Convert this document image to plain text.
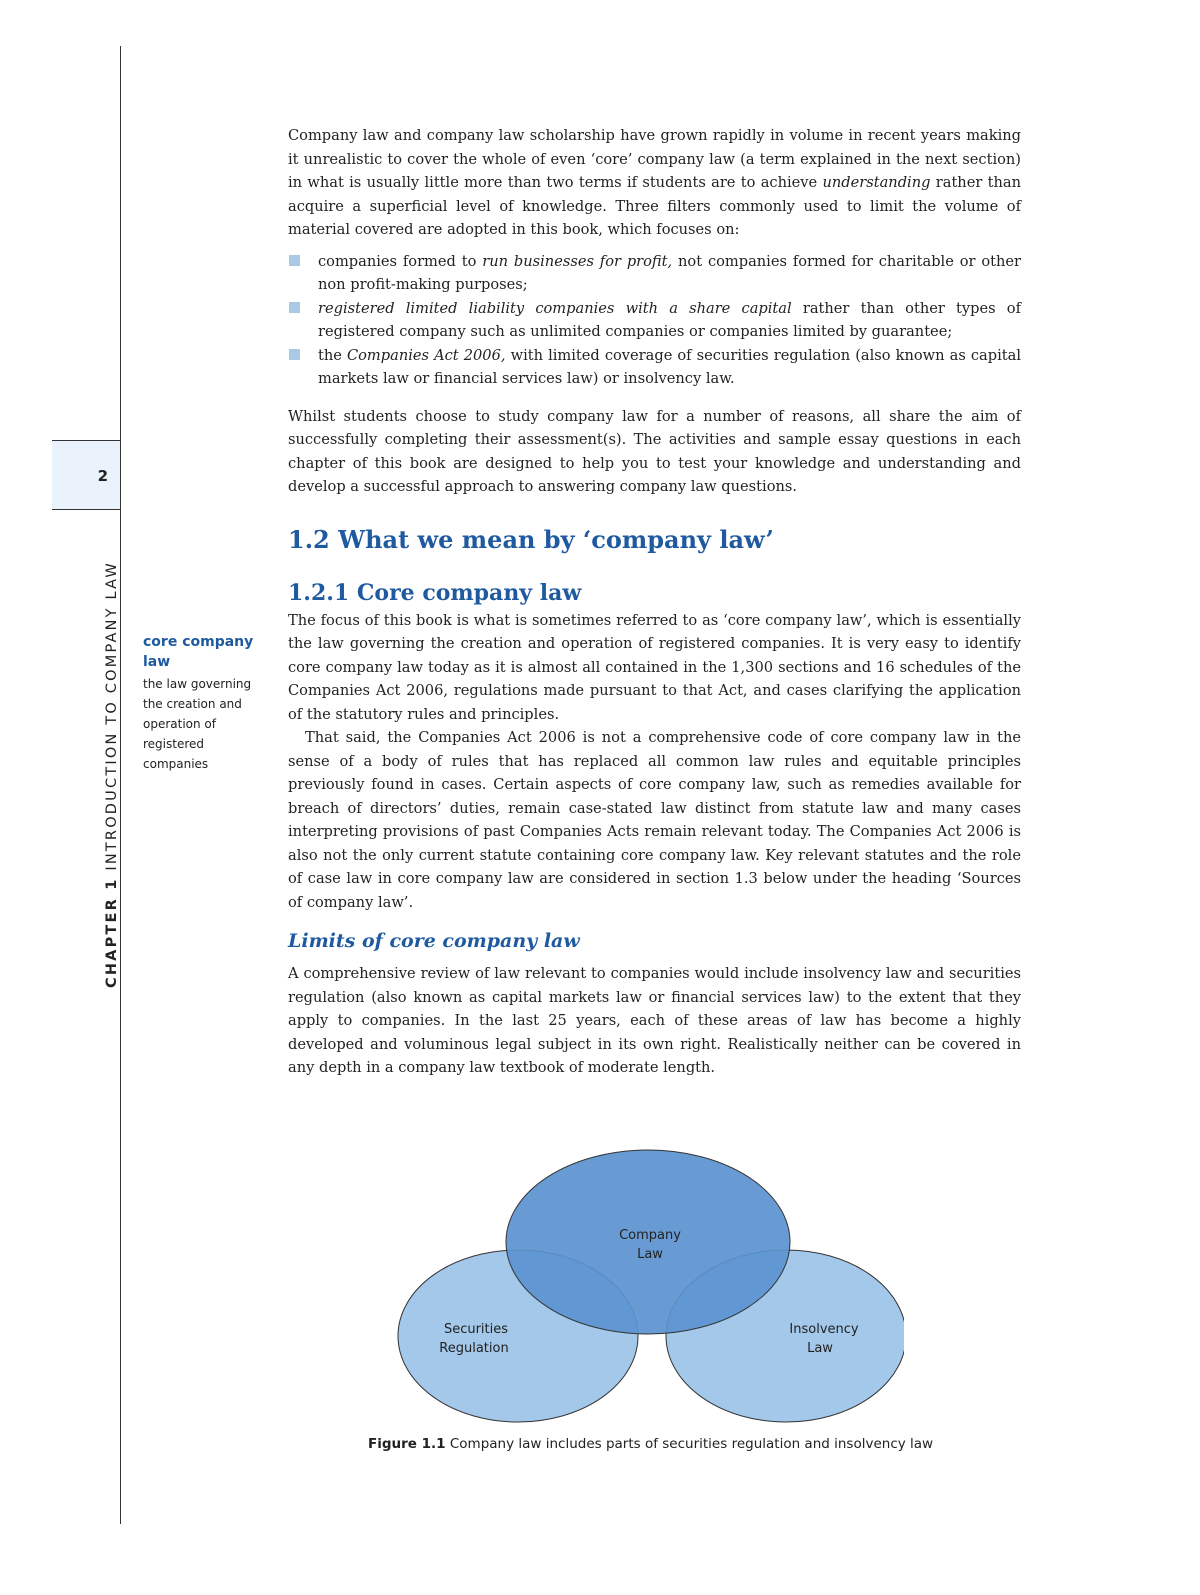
2
CHAPTER 1 INTRODUCTION TO COMPANY LAW core company law
the law governing the creation and operation of registered companies

Company law and company law scholarship have grown rapidly in volume in recent years making it unrealistic to cover the whole of even ‘core’ company law (a term explained in the next section) in what is usually little more than two terms if students are to achieve understanding rather than acquire a superficial level of knowledge. Three filters commonly used to limit the volume of material covered are adopted in this book, which focuses on:

companies formed to run businesses for profit, not companies formed for charitable or other non profit-making purposes;
registered limited liability companies with a share capital rather than other types of registered company such as unlimited companies or companies limited by guarantee;
the Companies Act 2006, with limited coverage of securities regulation (also known as capital markets law or financial services law) or insolvency law.

Whilst students choose to study company law for a number of reasons, all share the aim of successfully completing their assessment(s). The activities and sample essay questions in each chapter of this book are designed to help you to test your knowledge and understanding and develop a successful approach to answering company law questions.

1.2 What we mean by ‘company law’
1.2.1 Core company law

The focus of this book is what is sometimes referred to as ‘core company law’, which is essentially the law governing the creation and operation of registered companies. It is very easy to identify core company law today as it is almost all contained in the 1,300 sections and 16 schedules of the Companies Act 2006, regulations made pursuant to that Act, and cases clarifying the application of the statutory rules and principles.

That said, the Companies Act 2006 is not a comprehensive code of core company law in the sense of a body of rules that has replaced all common law rules and equitable principles previously found in cases. Certain aspects of core company law, such as remedies available for breach of directors’ duties, remain case-stated law distinct from statute law and many cases interpreting provisions of past Companies Acts remain relevant today. The Companies Act 2006 is also not the only current statute containing core company law. Key relevant statutes and the role of case law in core company law are considered in section 1.3 below under the heading ‘Sources of company law’.

Limits of core company law

A comprehensive review of law relevant to companies would include insolvency law and securities regulation (also known as capital markets law or financial services law) to the extent that they apply to companies. In the last 25 years, each of these areas of law has become a highly developed and voluminous legal subject in its own right. Realistically neither can be covered in any depth in a company law textbook of moderate length.

Company
Law
Securities
Regulation
Insolvency
Law
Figure 1.1 Company law includes parts of securities regulation and insolvency law
